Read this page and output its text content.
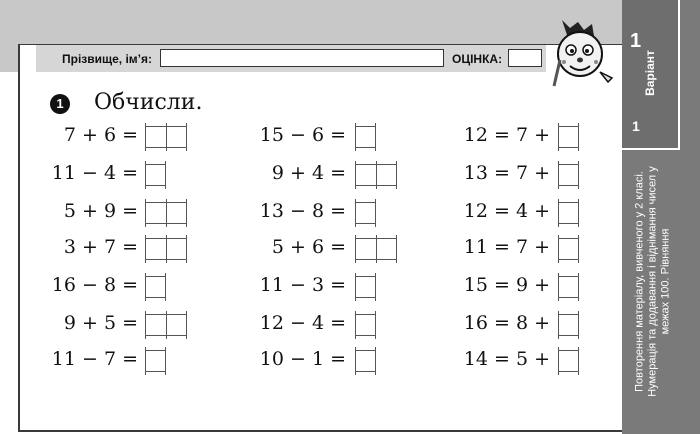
Прізвище, ім’я:	ОЦІНКА:	Варіант
1
1
Повторення матеріалу, вивченого у 2 класі. Нумерація та додавання і віднімання чисел у межах 100. Рівняння
1 Обчисли.
7 + 6 =
11 − 4 =
5 + 9 =
3 + 7 =
16 − 8 =
9 + 5 =
11 − 7 =
15 − 6 =
9 + 4 =
13 − 8 =
5 + 6 =
11 − 3 =
12 − 4 =
10 − 1 =
12 = 7 +
13 = 7 +
12 = 4 +
11 = 7 +
15 = 9 +
16 = 8 +
14 = 5 +
